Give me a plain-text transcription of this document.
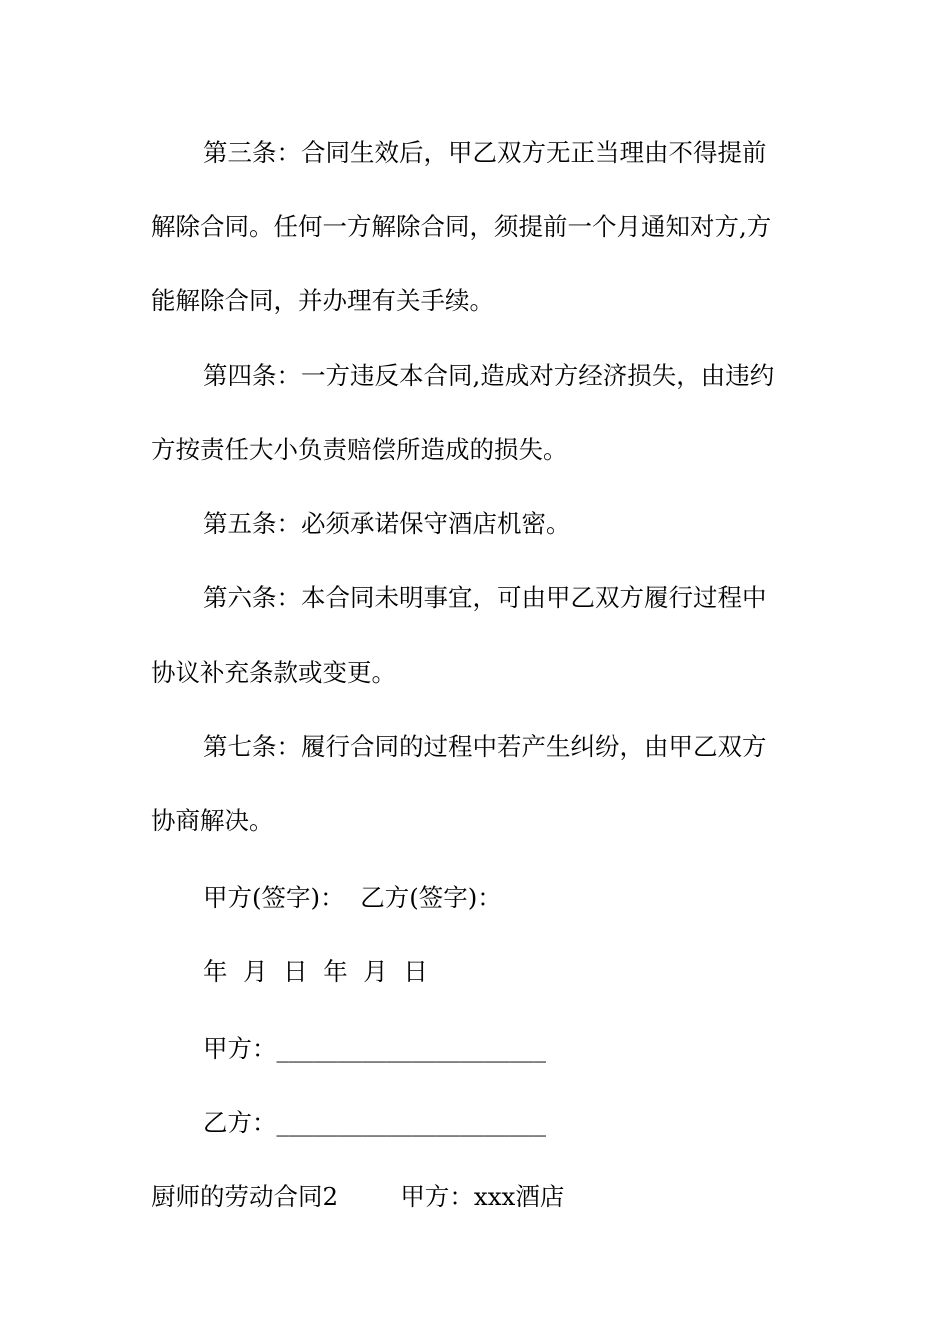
第三条：合同生效后，甲乙双方无正当理由不得提前

解除合同。任何一方解除合同，须提前一个月通知对方,方

能解除合同，并办理有关手续。

第四条：一方违反本合同,造成对方经济损失，由违约

方按责任大小负责赔偿所造成的损失。

第五条：必须承诺保守酒店机密。

第六条：本合同未明事宜，可由甲乙双方履行过程中

协议补充条款或变更。

第七条：履行合同的过程中若产生纠纷，由甲乙双方

协商解决。

甲方(签字)：  乙方(签字)：

年  月  日  年  月  日

甲方：______________________

乙方：______________________

厨师的劳动合同2        甲方：xxx酒店
